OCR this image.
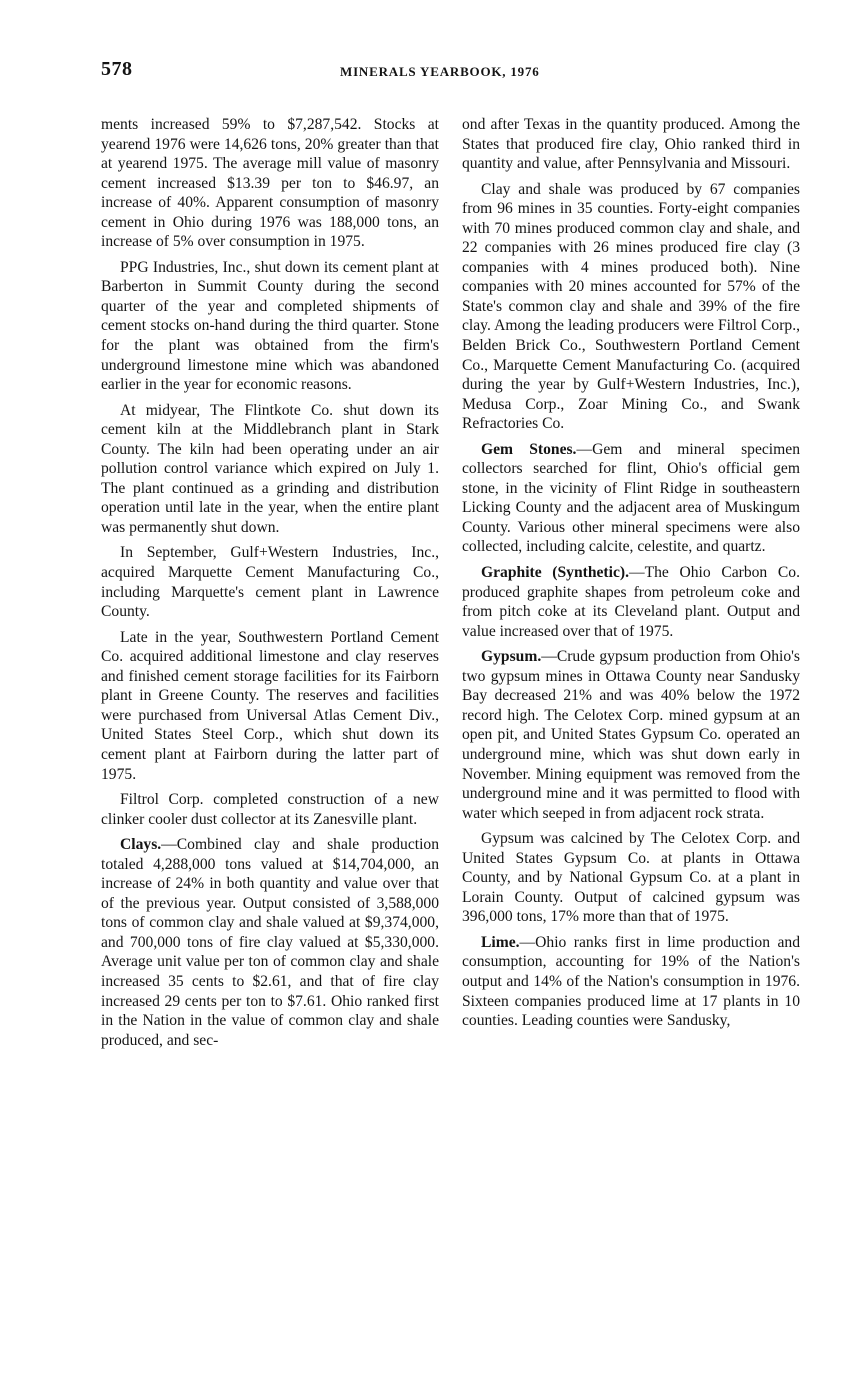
578	MINERALS YEARBOOK, 1976

ments increased 59% to $7,287,542. Stocks at yearend 1976 were 14,626 tons, 20% greater than that at yearend 1975. The average mill value of masonry cement increased $13.39 per ton to $46.97, an increase of 40%. Apparent consumption of masonry cement in Ohio during 1976 was 188,000 tons, an increase of 5% over consumption in 1975.

PPG Industries, Inc., shut down its cement plant at Barberton in Summit County during the second quarter of the year and completed shipments of cement stocks on-hand during the third quarter. Stone for the plant was obtained from the firm's underground limestone mine which was abandoned earlier in the year for economic reasons.

At midyear, The Flintkote Co. shut down its cement kiln at the Middlebranch plant in Stark County. The kiln had been operating under an air pollution control variance which expired on July 1. The plant continued as a grinding and distribution operation until late in the year, when the entire plant was permanently shut down.

In September, Gulf+Western Industries, Inc., acquired Marquette Cement Manufacturing Co., including Marquette's cement plant in Lawrence County.

Late in the year, Southwestern Portland Cement Co. acquired additional limestone and clay reserves and finished cement storage facilities for its Fairborn plant in Greene County. The reserves and facilities were purchased from Universal Atlas Cement Div., United States Steel Corp., which shut down its cement plant at Fairborn during the latter part of 1975.

Filtrol Corp. completed construction of a new clinker cooler dust collector at its Zanesville plant.

Clays.—Combined clay and shale production totaled 4,288,000 tons valued at $14,704,000, an increase of 24% in both quantity and value over that of the previous year. Output consisted of 3,588,000 tons of common clay and shale valued at $9,374,000, and 700,000 tons of fire clay valued at $5,330,000. Average unit value per ton of common clay and shale increased 35 cents to $2.61, and that of fire clay increased 29 cents per ton to $7.61. Ohio ranked first in the Nation in the value of common clay and shale produced, and sec-

ond after Texas in the quantity produced. Among the States that produced fire clay, Ohio ranked third in quantity and value, after Pennsylvania and Missouri.

Clay and shale was produced by 67 companies from 96 mines in 35 counties. Forty-eight companies with 70 mines produced common clay and shale, and 22 companies with 26 mines produced fire clay (3 companies with 4 mines produced both). Nine companies with 20 mines accounted for 57% of the State's common clay and shale and 39% of the fire clay. Among the leading producers were Filtrol Corp., Belden Brick Co., Southwestern Portland Cement Co., Marquette Cement Manufacturing Co. (acquired during the year by Gulf+Western Industries, Inc.), Medusa Corp., Zoar Mining Co., and Swank Refractories Co.

Gem Stones.—Gem and mineral specimen collectors searched for flint, Ohio's official gem stone, in the vicinity of Flint Ridge in southeastern Licking County and the adjacent area of Muskingum County. Various other mineral specimens were also collected, including calcite, celestite, and quartz.

Graphite (Synthetic).—The Ohio Carbon Co. produced graphite shapes from petroleum coke and from pitch coke at its Cleveland plant. Output and value increased over that of 1975.

Gypsum.—Crude gypsum production from Ohio's two gypsum mines in Ottawa County near Sandusky Bay decreased 21% and was 40% below the 1972 record high. The Celotex Corp. mined gypsum at an open pit, and United States Gypsum Co. operated an underground mine, which was shut down early in November. Mining equipment was removed from the underground mine and it was permitted to flood with water which seeped in from adjacent rock strata.

Gypsum was calcined by The Celotex Corp. and United States Gypsum Co. at plants in Ottawa County, and by National Gypsum Co. at a plant in Lorain County. Output of calcined gypsum was 396,000 tons, 17% more than that of 1975.

Lime.—Ohio ranks first in lime production and consumption, accounting for 19% of the Nation's output and 14% of the Nation's consumption in 1976. Sixteen companies produced lime at 17 plants in 10 counties. Leading counties were Sandusky,
